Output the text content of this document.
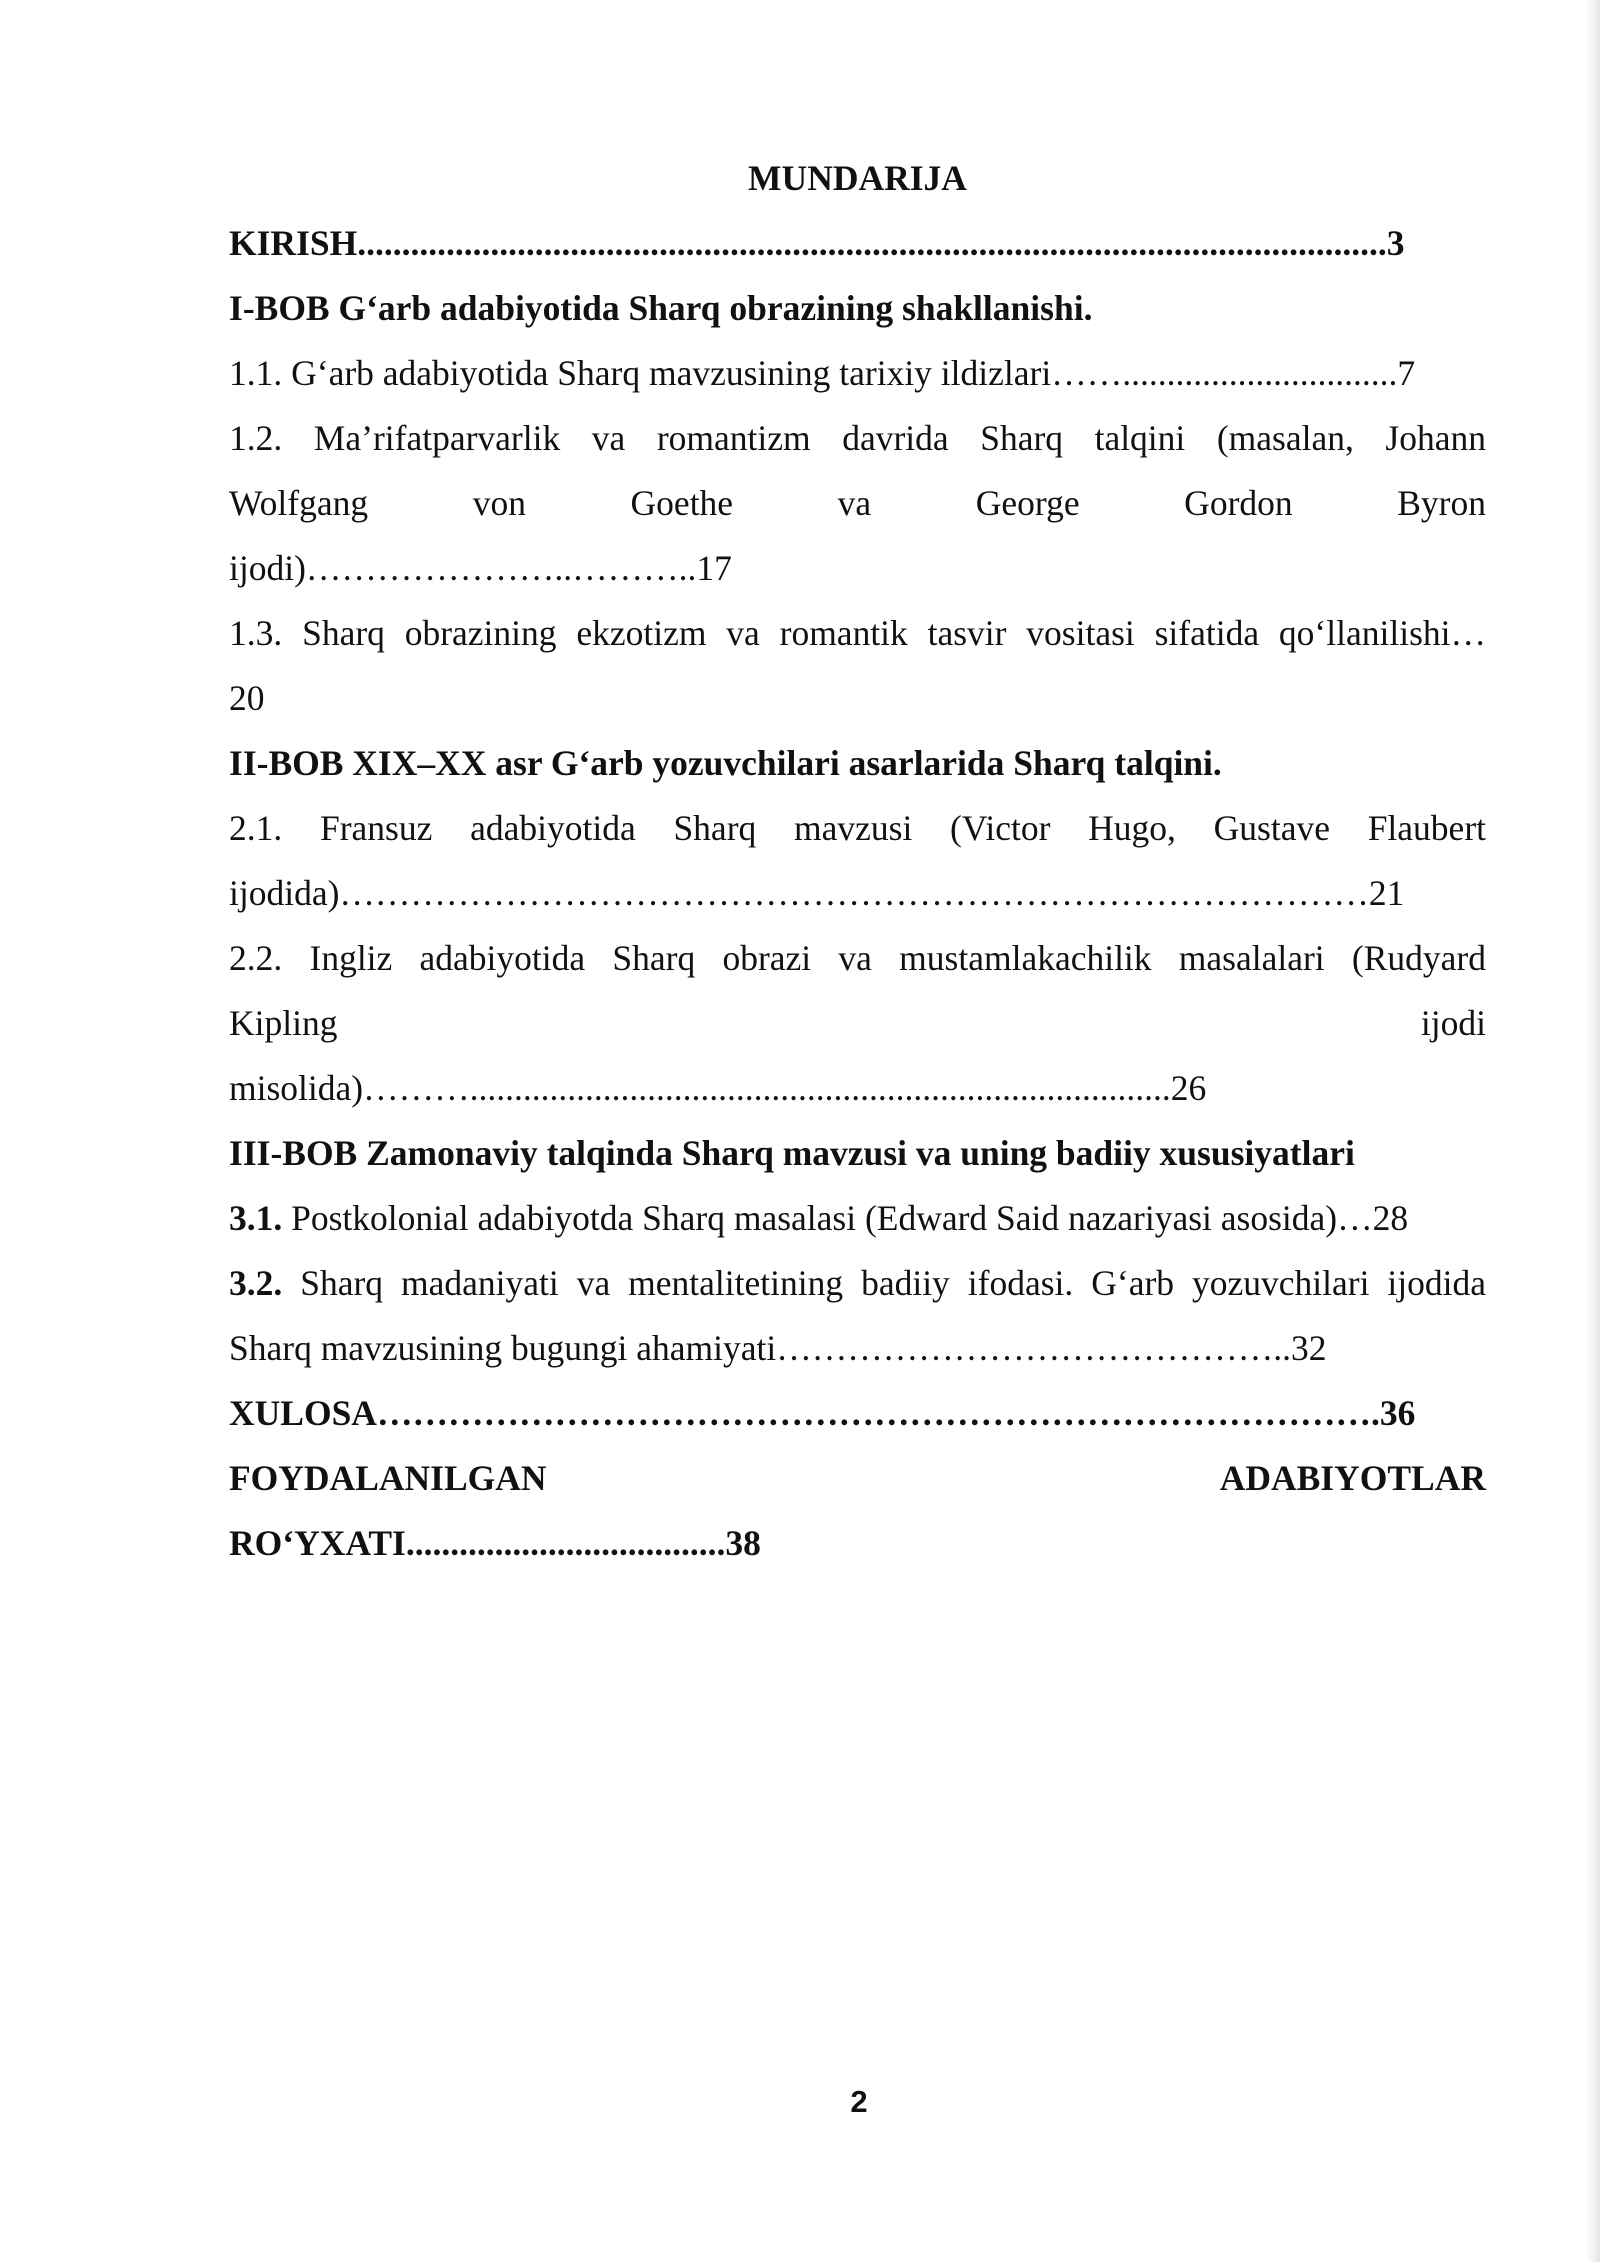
MUNDARIJA

KIRISH....................................................................................................................3

I-BOB G‘arb adabiyotida Sharq obrazining shakllanishi.

1.1. G‘arb adabiyotida Sharq mavzusining tarixiy ildizlari……...............................7

1.2. Ma’rifatparvarlik va romantizm davrida Sharq talqini (masalan, Johann

Wolfgang von Goethe va George Gordon Byron

ijodi)…………………..………..17

1.3. Sharq obrazining ekzotizm va romantik tasvir vositasi sifatida qo‘llanilishi…

20

II-BOB XIX–XX asr G‘arb yozuvchilari asarlarida Sharq talqini.

2.1. Fransuz adabiyotida Sharq mavzusi (Victor Hugo, Gustave Flaubert

ijodida)……………………………………………………………………………21

2.2. Ingliz adabiyotida Sharq obrazi va mustamlakachilik masalalari (Rudyard

Kipling ijodi

misolida)………...............................................................................26

III-BOB Zamonaviy talqinda Sharq mavzusi va uning badiiy xususiyatlari

3.1. Postkolonial adabiyotda Sharq masalasi (Edward Said nazariyasi asosida)…28

3.2. Sharq madaniyati va mentalitetining badiiy ifodasi. G‘arb yozuvchilari ijodida

Sharq mavzusining bugungi ahamiyati……………………………………..32

XULOSA………………………………………………………………………….36

FOYDALANILGAN ADABIYOTLAR

RO‘YXATI....................................38

2
